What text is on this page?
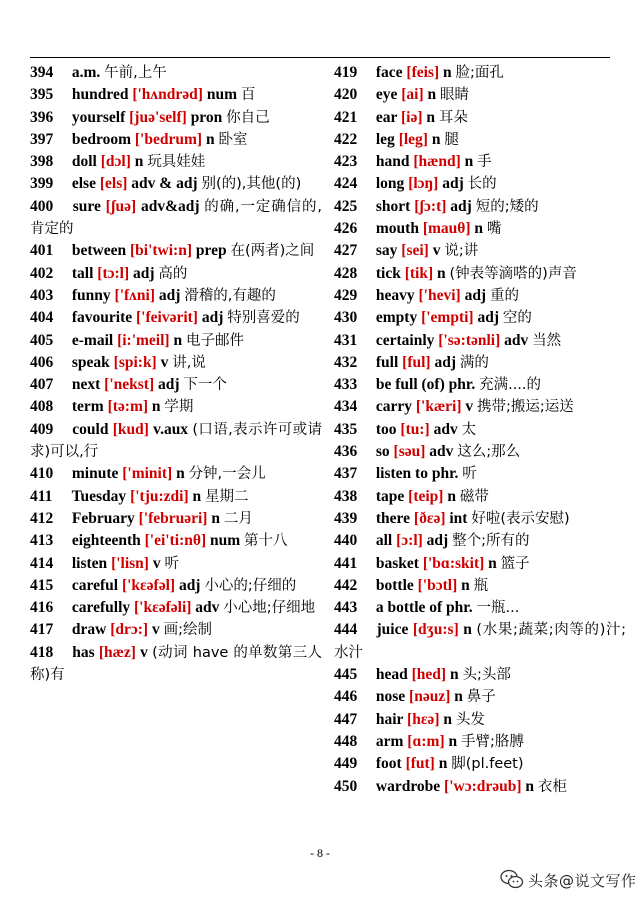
394 a.m. 午前,上午
395 hundred ['hʌndrəd] num 百
396 yourself [juə'self] pron 你自己
397 bedroom ['bedrum] n 卧室
398 doll [dɔl] n 玩具娃娃
399 else [els] adv & adj 别(的),其他(的)
400 sure [ʃuə] adv&adj 的确,一定确信的,肯定的
401 between [bi'twi:n] prep 在(两者)之间
402 tall [tɔ:l] adj 高的
403 funny ['fʌni] adj 滑稽的,有趣的
404 favourite ['feivərit] adj 特别喜爱的
405 e-mail [i:'meil] n 电子邮件
406 speak [spi:k] v 讲,说
407 next ['nekst] adj 下一个
408 term [tə:m] n 学期
409 could [kud] v.aux (口语,表示许可或请求)可以,行
410 minute ['minit] n 分钟,一会儿
411 Tuesday ['tju:zdi] n 星期二
412 February ['februəri] n 二月
413 eighteenth ['ei'ti:nθ] num 第十八
414 listen ['lisn] v 听
415 careful ['kεəfəl] adj 小心的;仔细的
416 carefully ['kεəfəli] adv 小心地;仔细地
417 draw [drɔ:] v 画;绘制
418 has [hæz] v (动词 have 的单数第三人称)有
419 face [feis] n 脸;面孔
420 eye [ai] n 眼睛
421 ear [iə] n 耳朵
422 leg [leg] n 腿
423 hand [hænd] n 手
424 long [lɔŋ] adj 长的
425 short [ʃɔ:t] adj 短的;矮的
426 mouth [mauθ] n 嘴
427 say [sei] v 说;讲
428 tick [tik] n (钟表等滴嗒的)声音
429 heavy ['hevi] adj 重的
430 empty ['empti] adj 空的
431 certainly ['sə:tənli] adv 当然
432 full [ful] adj 满的
433 be full (of) phr. 充满....的
434 carry ['kæri] v 携带;搬运;运送
435 too [tu:] adv 太
436 so [səu] adv 这么;那么
437 listen to phr. 听
438 tape [teip] n 磁带
439 there [ðεə] int 好啦(表示安慰)
440 all [ɔ:l] adj 整个;所有的
441 basket ['bɑ:skit] n 篮子
442 bottle ['bɔtl] n 瓶
443 a bottle of phr. 一瓶...
444 juice [dʒu:s] n (水果;蔬菜;肉等的)汁;水汁
445 head [hed] n 头;头部
446 nose [nəuz] n 鼻子
447 hair [hεə] n 头发
448 arm [ɑ:m] n 手臂;胳膊
449 foot [fut] n 脚(pl.feet)
450 wardrobe ['wɔ:drəub] n 衣柜
- 8 -
头条@说文写作
